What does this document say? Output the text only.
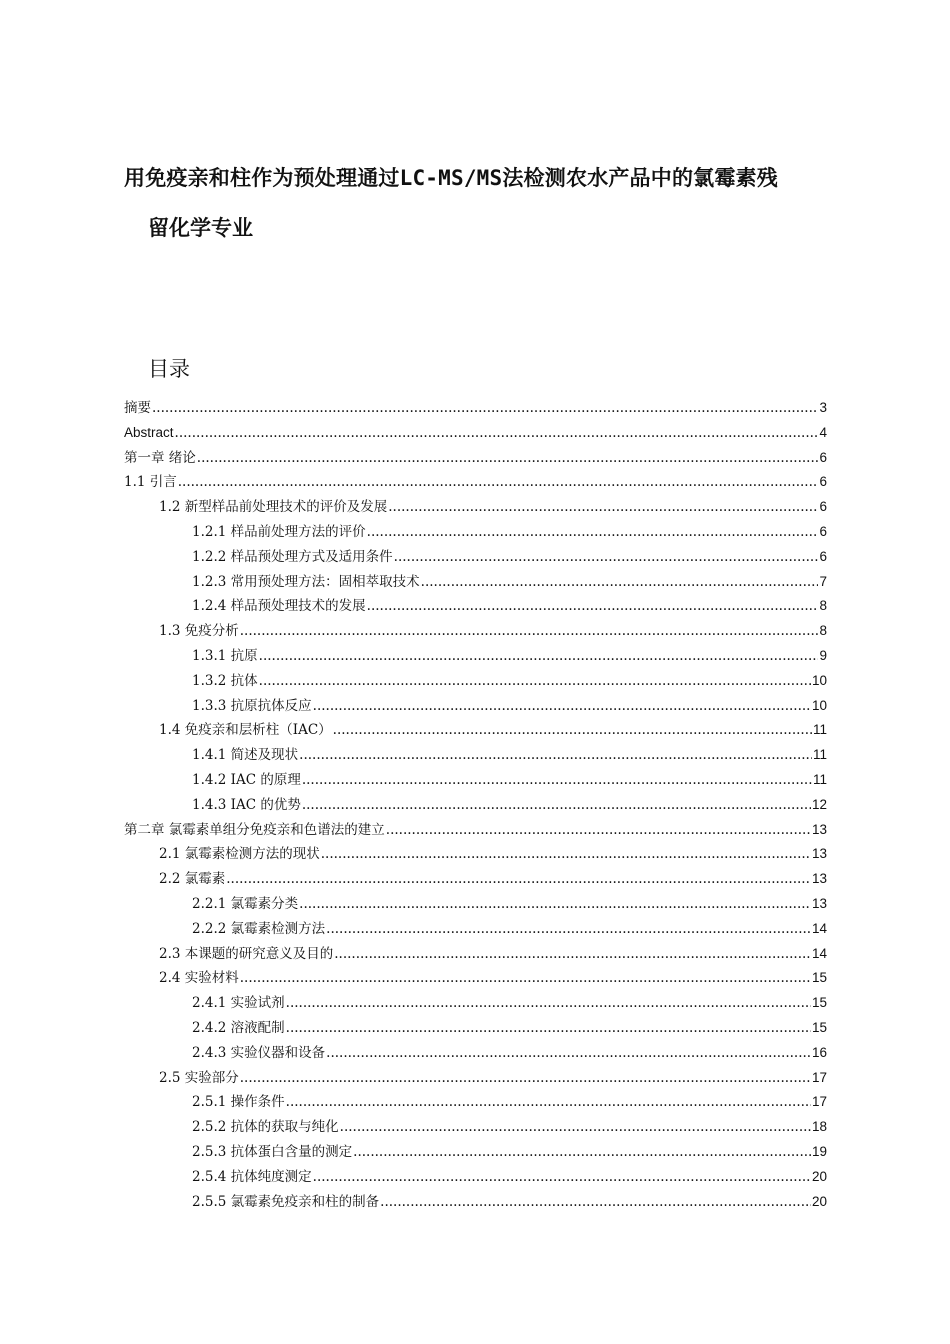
用免疫亲和柱作为预处理通过LC-MS/MS法检测农水产品中的氯霉素残
留化学专业
目录
摘要 .....	3
Abstract .....	4
第一章 绪论 .....	6
1.1 引言 .....	6
1.2 新型样品前处理技术的评价及发展 .....	6
1.2.1 样品前处理方法的评价 .....	6
1.2.2 样品预处理方式及适用条件 .....	6
1.2.3 常用预处理方法：固相萃取技术 .....	7
1.2.4 样品预处理技术的发展 .....	8
1.3 免疫分析 .....	8
1.3.1 抗原 .....	9
1.3.2 抗体 .....	10
1.3.3 抗原抗体反应 .....	10
1.4 免疫亲和层析柱（IAC） .....	11
1.4.1 简述及现状 .....	11
1.4.2 IAC 的原理 .....	11
1.4.3 IAC 的优势 .....	12
第二章 氯霉素单组分免疫亲和色谱法的建立 .....	13
2.1 氯霉素检测方法的现状 .....	13
2.2 氯霉素 .....	13
2.2.1 氯霉素分类 .....	13
2.2.2 氯霉素检测方法 .....	14
2.3 本课题的研究意义及目的 .....	14
2.4 实验材料 .....	15
2.4.1 实验试剂 .....	15
2.4.2 溶液配制 .....	15
2.4.3 实验仪器和设备 .....	16
2.5 实验部分 .....	17
2.5.1 操作条件 .....	17
2.5.2 抗体的获取与纯化 .....	18
2.5.3 抗体蛋白含量的测定 .....	19
2.5.4 抗体纯度测定 .....	20
2.5.5 氯霉素免疫亲和柱的制备 .....	20
